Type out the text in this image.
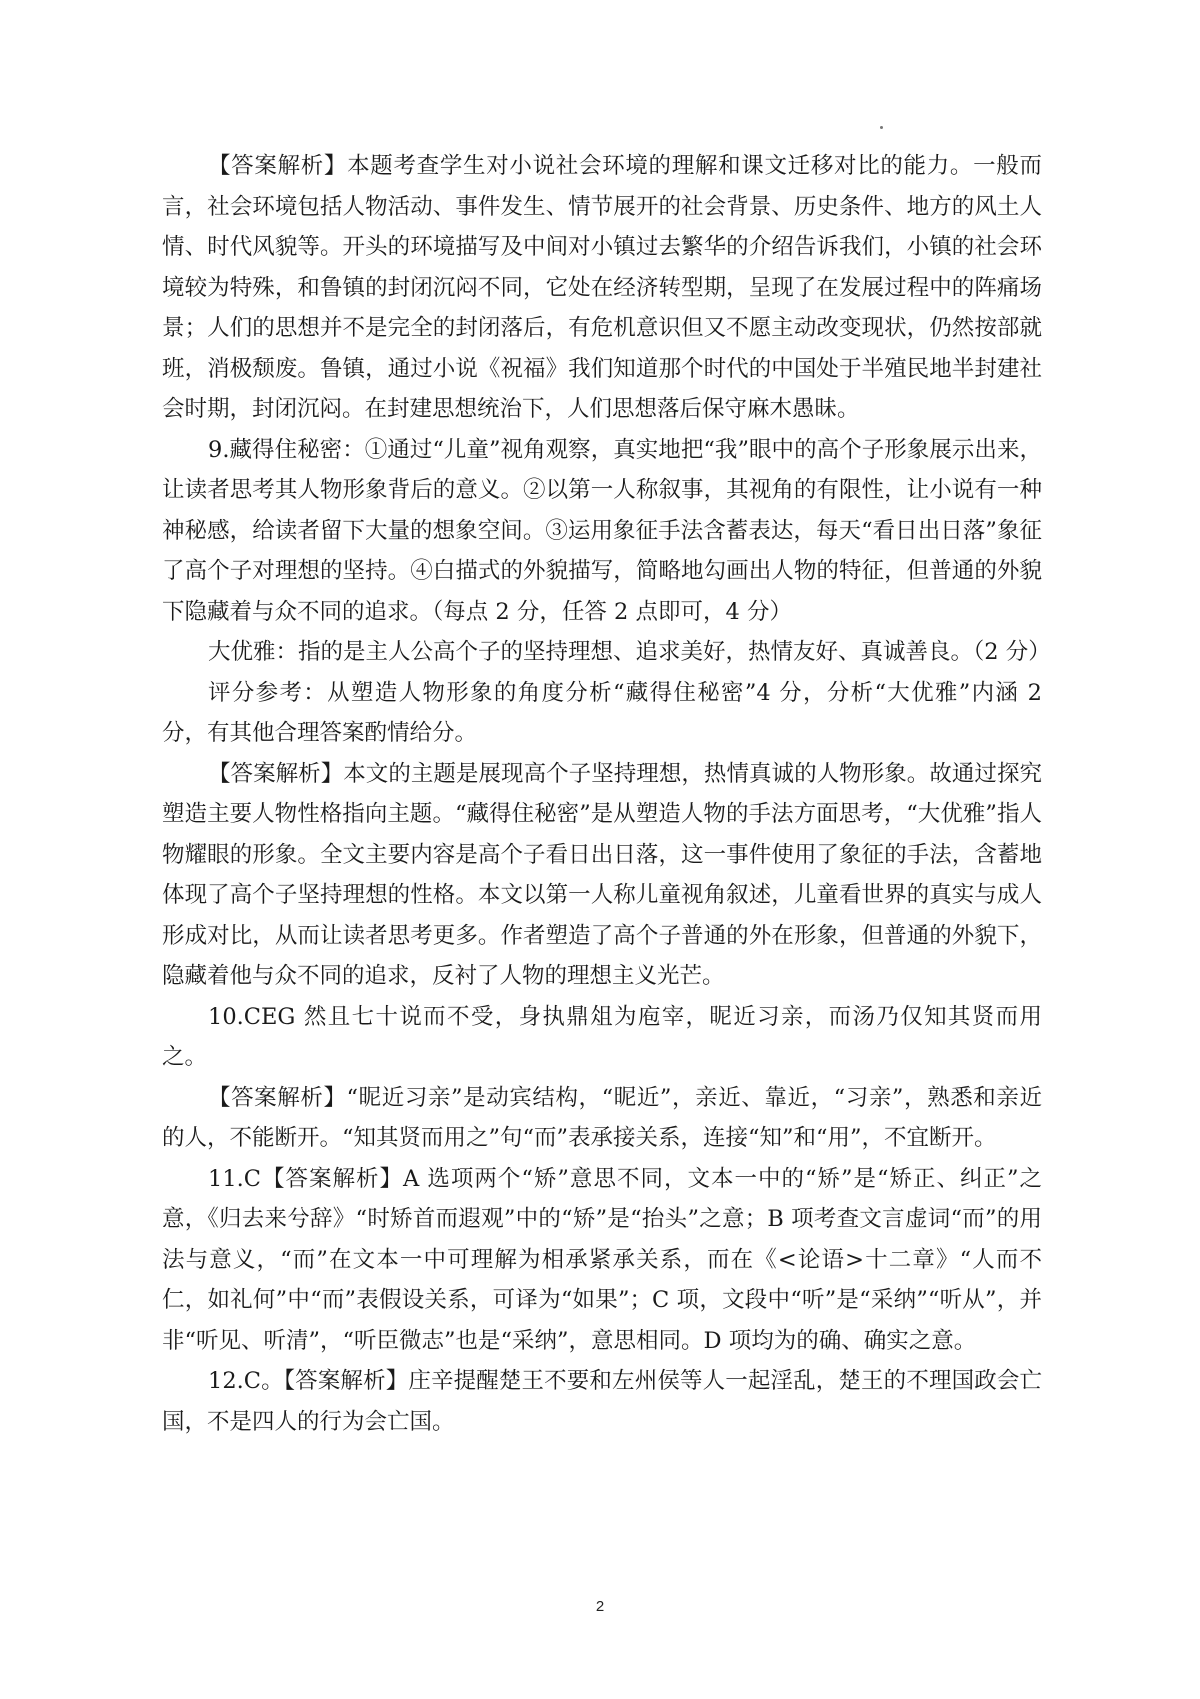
【答案解析】本题考查学生对小说社会环境的理解和课文迁移对比的能力。一般而言，社会环境包括人物活动、事件发生、情节展开的社会背景、历史条件、地方的风土人情、时代风貌等。开头的环境描写及中间对小镇过去繁华的介绍告诉我们，小镇的社会环境较为特殊，和鲁镇的封闭沉闷不同，它处在经济转型期，呈现了在发展过程中的阵痛场景；人们的思想并不是完全的封闭落后，有危机意识但又不愿主动改变现状，仍然按部就班，消极颓废。鲁镇，通过小说《祝福》我们知道那个时代的中国处于半殖民地半封建社会时期，封闭沉闷。在封建思想统治下，人们思想落后保守麻木愚昧。

9.藏得住秘密：①通过“儿童”视角观察，真实地把“我”眼中的高个子形象展示出来，让读者思考其人物形象背后的意义。②以第一人称叙事，其视角的有限性，让小说有一种神秘感，给读者留下大量的想象空间。③运用象征手法含蓄表达，每天“看日出日落”象征了高个子对理想的坚持。④白描式的外貌描写，简略地勾画出人物的特征，但普通的外貌下隐藏着与众不同的追求。（每点 2 分，任答 2 点即可，4 分）

大优雅：指的是主人公高个子的坚持理想、追求美好，热情友好、真诚善良。（2 分）

评分参考：从塑造人物形象的角度分析“藏得住秘密”4 分，分析“大优雅”内涵 2 分，有其他合理答案酌情给分。

【答案解析】本文的主题是展现高个子坚持理想，热情真诚的人物形象。故通过探究塑造主要人物性格指向主题。“藏得住秘密”是从塑造人物的手法方面思考，“大优雅”指人物耀眼的形象。全文主要内容是高个子看日出日落，这一事件使用了象征的手法，含蓄地体现了高个子坚持理想的性格。本文以第一人称儿童视角叙述，儿童看世界的真实与成人形成对比，从而让读者思考更多。作者塑造了高个子普通的外在形象，但普通的外貌下，隐藏着他与众不同的追求，反衬了人物的理想主义光芒。

10.CEG 然且七十说而不受，身执鼎俎为庖宰，昵近习亲，而汤乃仅知其贤而用之。

【答案解析】“昵近习亲”是动宾结构，“昵近”，亲近、靠近，“习亲”，熟悉和亲近的人，不能断开。“知其贤而用之”句“而”表承接关系，连接“知”和“用”，不宜断开。

11.C【答案解析】A 选项两个“矫”意思不同，文本一中的“矫”是“矫正、纠正”之意，《归去来兮辞》“时矫首而遐观”中的“矫”是“抬头”之意；B 项考查文言虚词“而”的用法与意义，“而”在文本一中可理解为相承紧承关系，而在《<论语>十二章》“人而不仁，如礼何”中“而”表假设关系，可译为“如果”；C 项，文段中“听”是“采纳”“听从”，并非“听见、听清”，“听臣微志”也是“采纳”，意思相同。D 项均为的确、确实之意。

12.C。【答案解析】庄辛提醒楚王不要和左州侯等人一起淫乱，楚王的不理国政会亡国，不是四人的行为会亡国。

2
